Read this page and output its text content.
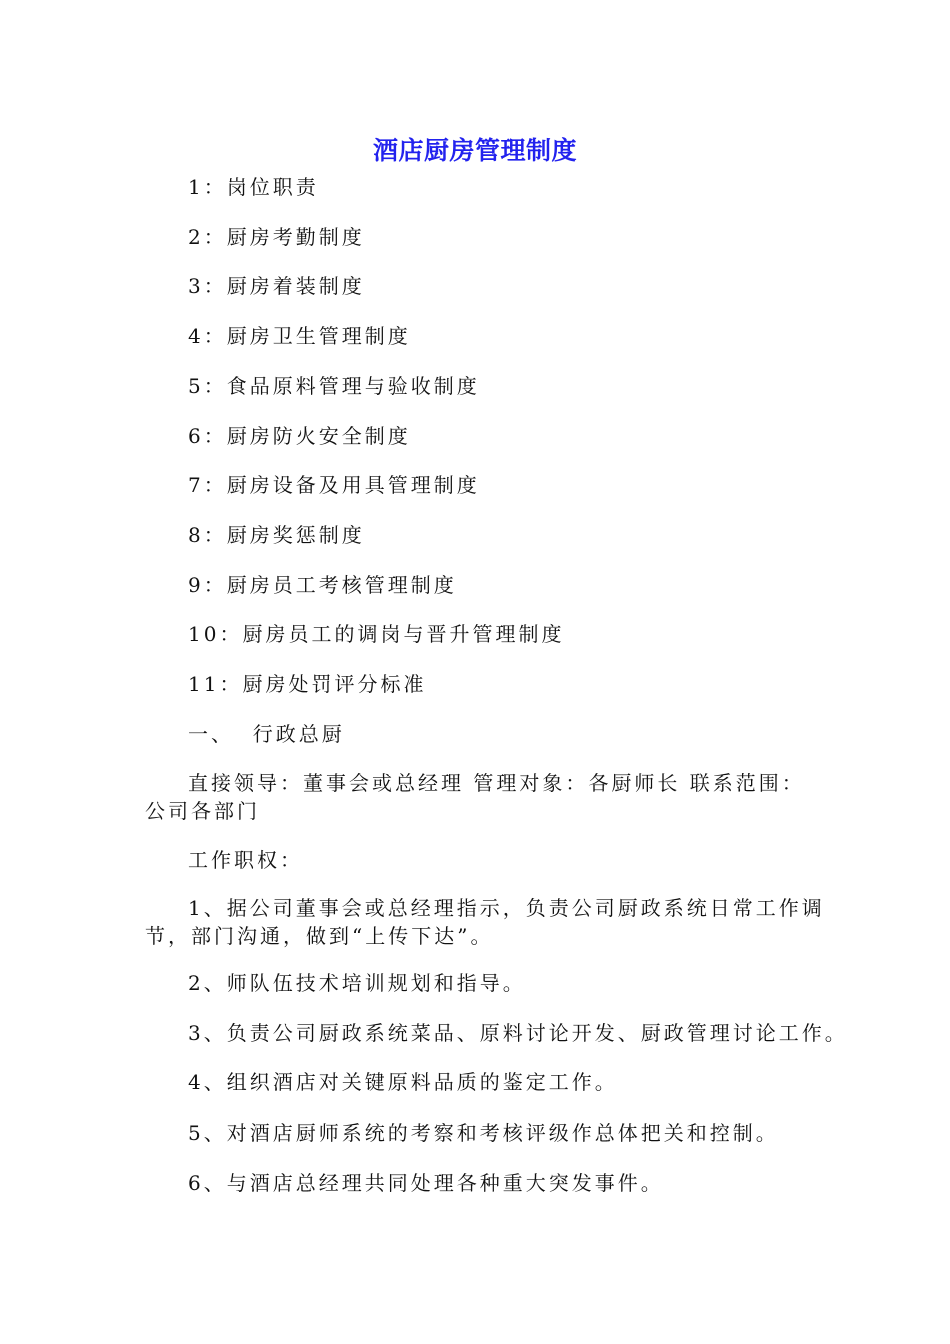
酒店厨房管理制度
1：岗位职责
2：厨房考勤制度
3：厨房着装制度
4：厨房卫生管理制度
5：食品原料管理与验收制度
6：厨房防火安全制度
7：厨房设备及用具管理制度
8：厨房奖惩制度
9：厨房员工考核管理制度
10：厨房员工的调岗与晋升管理制度
11：厨房处罚评分标准
一、  行政总厨
直接领导：董事会或总经理 管理对象：各厨师长 联系范围：公司各部门
工作职权：
1、据公司董事会或总经理指示，负责公司厨政系统日常工作调节，部门沟通，做到“上传下达”。
2、师队伍技术培训规划和指导。
3、负责公司厨政系统菜品、原料讨论开发、厨政管理讨论工作。
4、组织酒店对关键原料品质的鉴定工作。
5、对酒店厨师系统的考察和考核评级作总体把关和控制。
6、与酒店总经理共同处理各种重大突发事件。
